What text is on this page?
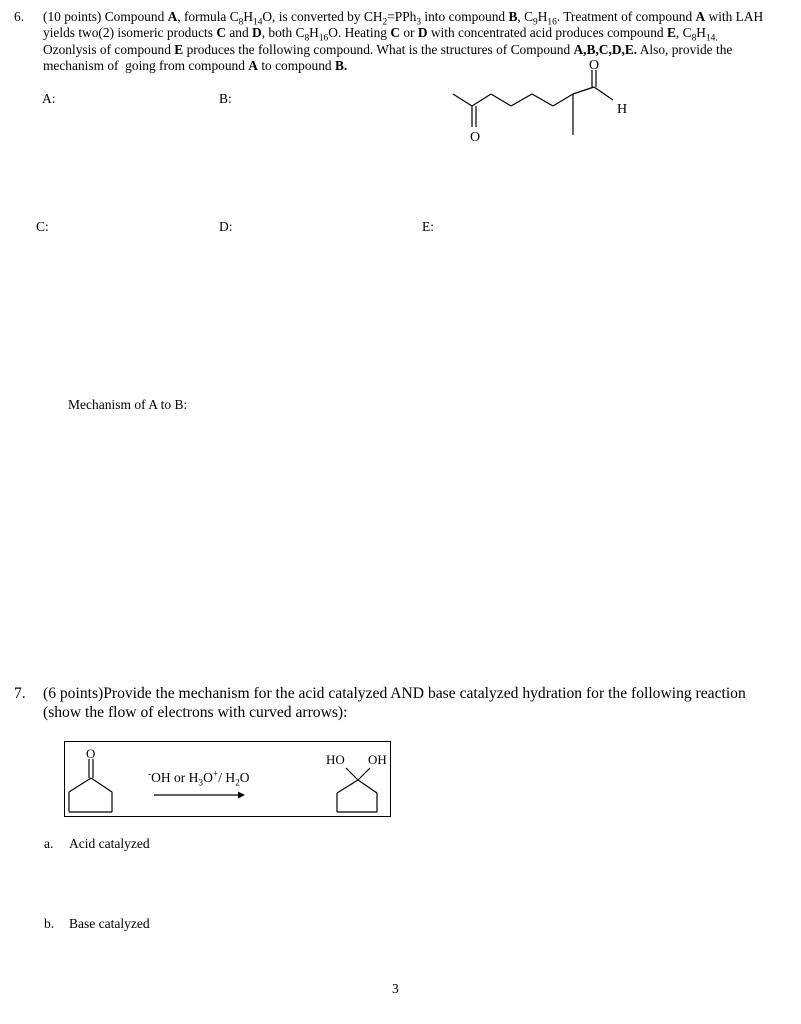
6. (10 points) Compound A, formula $C_8H_{14}O$, is converted by $CH_2=PPh_3$ into compound B, $C_9H_{16}$. Treatment of compound A with LAH yields two(2) isomeric products C and D, both $C_8H_{16}O$. Heating C or D with concentrated acid produces compound E, $C_8H_{14.}$ Ozonlysis of compound E produces the following compound. What is the structures of Compound A,B,C,D,E. Also, provide the mechanism of  going from compound A to compound B.	O
H
O
A:	B:
C:	D:	E:
Mechanism of A to B:
7. (6 points)Provide the mechanism for the acid catalyzed AND base catalyzed hydration for the following reaction (show the flow of electrons with curved arrows):
O
-OH or $H_3O^+/$ $H_2O$
HO OH
a. Acid catalyzed
b. Base catalyzed
3
